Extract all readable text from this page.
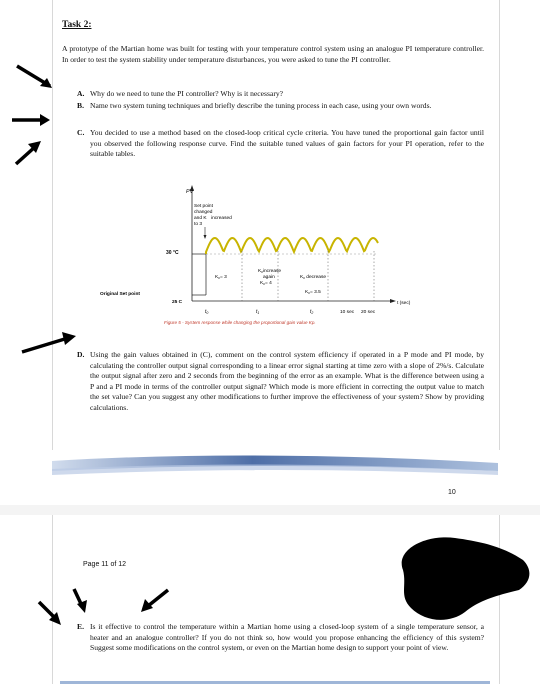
Task 2:
A prototype of the Martian home was built for testing with your temperature control system using an analogue PI temperature controller. In order to test the system stability under temperature disturbances, you were asked to tune the PI controller.
A. Why do we need to tune the PI controller? Why is it necessary?
B. Name two system tuning techniques and briefly describe the tuning process in each case, using your own words.
C. You decided to use a method based on the closed-loop critical cycle criteria. You have tuned the proportional gain factor until you observed the following response curve. Find the suitable tuned values of gain factors for your PI operation, refer to the suitable tables.
PV
Set point
changed
and K increased
to 3
30 °C
$K_c= 3$
$K_cincrease$
again
$K_c= 4$
$K_c$ decrease
$K_c= 3.5$
Original Set point
25 C
$t_0$	$t_1$	$t_2$	10 sec 20 sec
t (sec)
Figure 5 - System response while changing the proportional gain value Kp.
D. Using the gain values obtained in (C), comment on the control system efficiency if operated in a P mode and PI mode, by calculating the controller output signal corresponding to a linear error signal starting at time zero with a slope of 2%/s. Calculate the output signal after zero and 2 seconds from the beginning of the error as an example. What is the difference between using a P and a PI mode in terms of the controller output signal? Which mode is more efficient in correcting the output value to match the set value? Can you suggest any other modifications to further improve the effectiveness of your system? Show by providing calculations.
10
Page 11 of 12
E. Is it effective to control the temperature within a Martian home using a closed-loop system of a single temperature sensor, a heater and an analogue controller? If you do not think so, how would you propose enhancing the efficiency of this system? Suggest some modifications on the control system, or even on the Martian home design to support your point of view.
